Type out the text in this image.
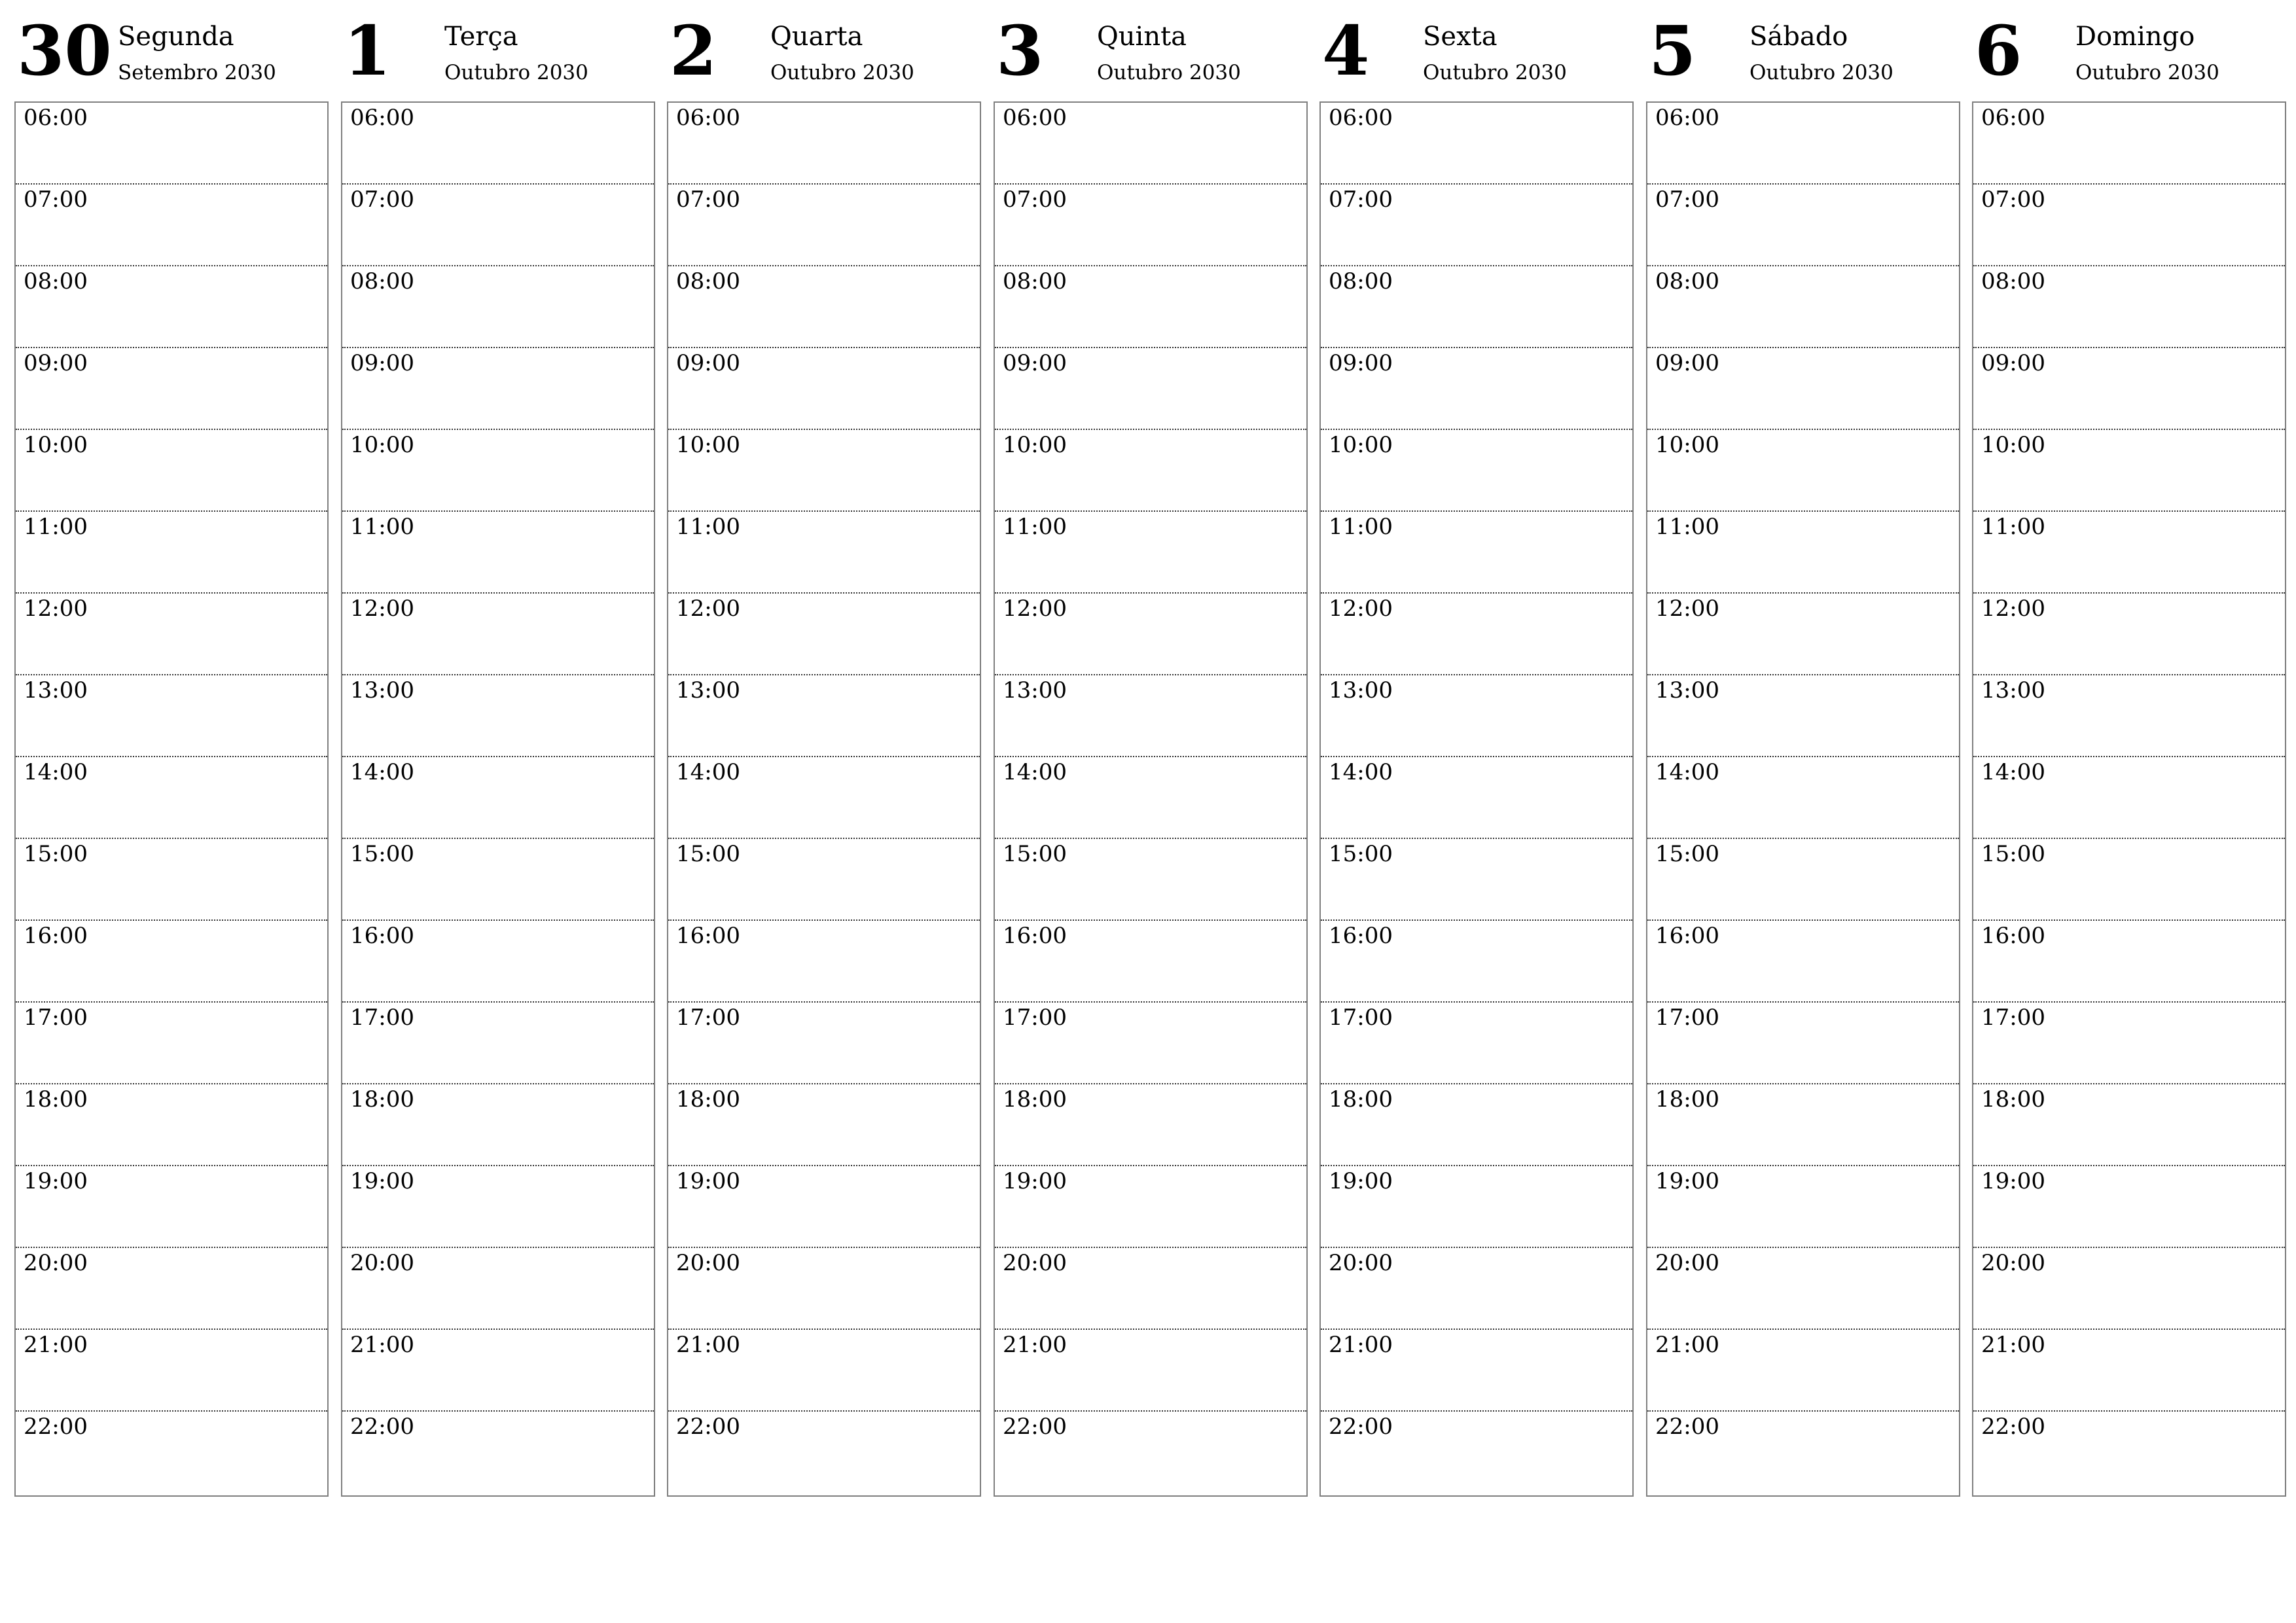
30 Segunda
Setembro 2030
06:00
07:00
08:00
09:00
10:00
11:00
12:00
13:00
14:00
15:00
16:00
17:00
18:00
19:00
20:00
21:00
22:00
1 Terça
Outubro 2030
06:00
07:00
08:00
09:00
10:00
11:00
12:00
13:00
14:00
15:00
16:00
17:00
18:00
19:00
20:00
21:00
22:00
2 Quarta
Outubro 2030
06:00
07:00
08:00
09:00
10:00
11:00
12:00
13:00
14:00
15:00
16:00
17:00
18:00
19:00
20:00
21:00
22:00
3 Quinta
Outubro 2030
06:00
07:00
08:00
09:00
10:00
11:00
12:00
13:00
14:00
15:00
16:00
17:00
18:00
19:00
20:00
21:00
22:00
4 Sexta
Outubro 2030
06:00
07:00
08:00
09:00
10:00
11:00
12:00
13:00
14:00
15:00
16:00
17:00
18:00
19:00
20:00
21:00
22:00
5 Sábado
Outubro 2030
06:00
07:00
08:00
09:00
10:00
11:00
12:00
13:00
14:00
15:00
16:00
17:00
18:00
19:00
20:00
21:00
22:00
6 Domingo
Outubro 2030
06:00
07:00
08:00
09:00
10:00
11:00
12:00
13:00
14:00
15:00
16:00
17:00
18:00
19:00
20:00
21:00
22:00
